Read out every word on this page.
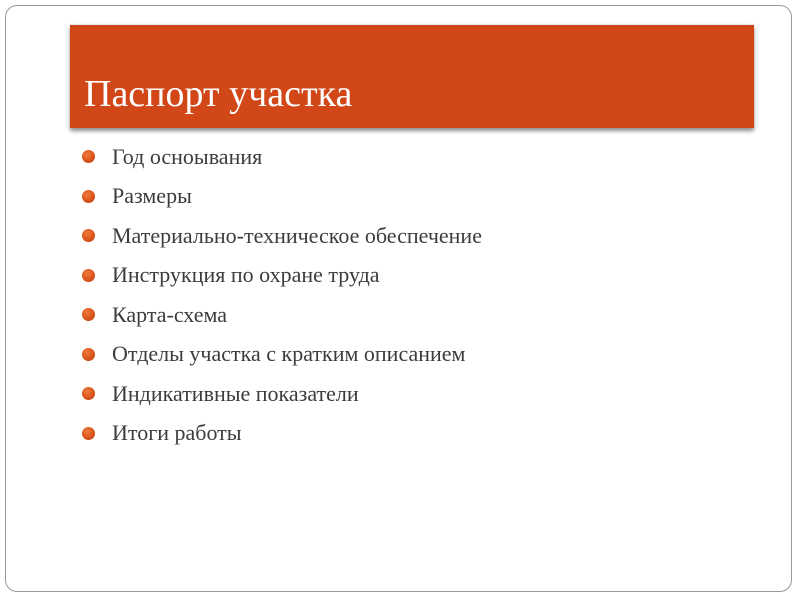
Паспорт участка
Год осноывания
Размеры
Материально-техническое обеспечение
Инструкция по охране труда
Карта-схема
Отделы участка с кратким описанием
Индикативные показатели
Итоги работы
